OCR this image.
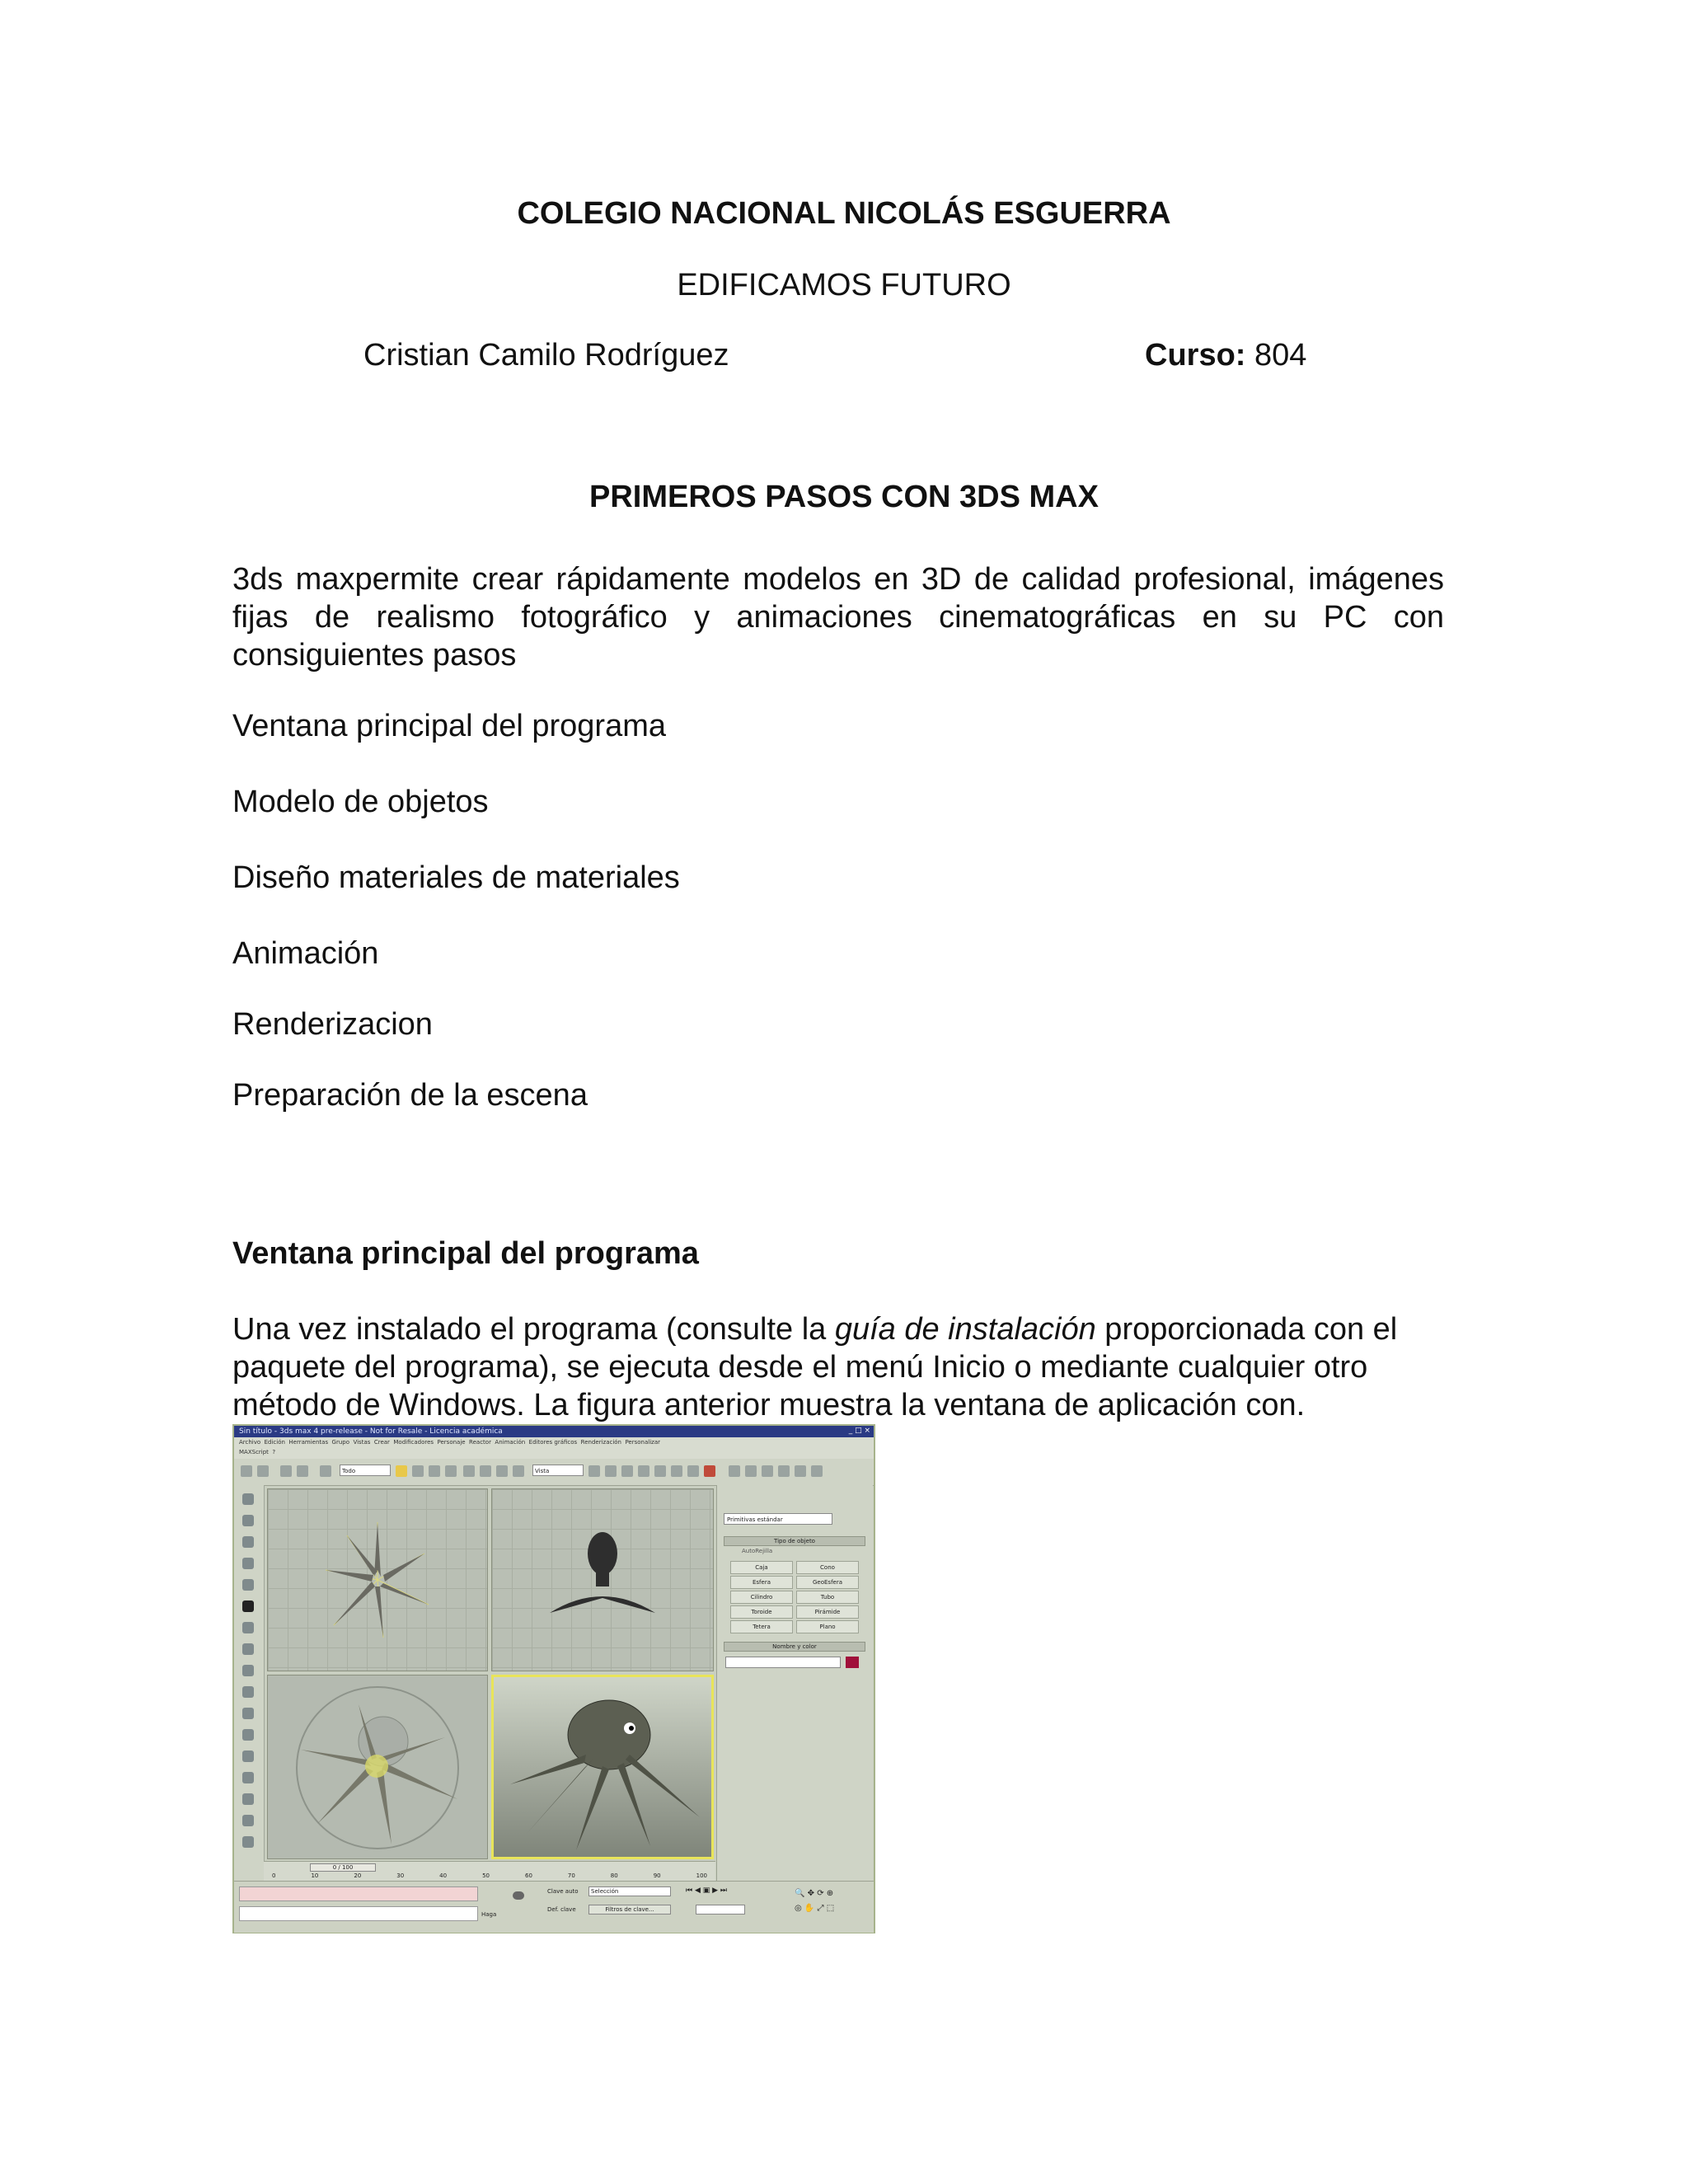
COLEGIO NACIONAL NICOLÁS ESGUERRA
EDIFICAMOS FUTURO
Cristian Camilo Rodríguez	Curso: 804
PRIMEROS PASOS CON 3DS MAX
3ds maxpermite crear rápidamente modelos en 3D de calidad profesional, imágenes fijas de realismo fotográfico y animaciones cinematográficas en su PC con consiguientes pasos
Ventana principal del programa
Modelo de objetos
Diseño materiales de materiales
Animación
Renderizacion
Preparación de la escena
Ventana principal del programa
Una vez instalado el programa (consulte la guía de instalación proporcionada con el paquete del programa), se ejecuta desde el menú Inicio o mediante cualquier otro método de Windows. La figura anterior muestra la ventana de aplicación con.
Sin título - 3ds max 4 pre-release - Not for Resale - Licencia académica	_ □ ×
Archivo Edición Herramientas Grupo Vistas Crear Modificadores Personaje Reactor Animación Editores gráficos Renderización Personalizar
MAXScript ?
Todo	Vista
Primitivas estándar
Tipo de objeto
AutoRejilla
Caja	Cono
Esfera	GeoEsfera
Cilindro	Tubo
Toroide	Pirámide
Tetera	Plano
Nombre y color
0 / 100
0	10	20	30	40	50	60	70	80	90	100
Haga
Clave auto	Selección
Def. clave	Filtros de clave...
⏮ ◀ ▣ ▶ ⏭	🔍 ✥ ⟳ ⊕
◎ ✋ ⤢ ⬚
